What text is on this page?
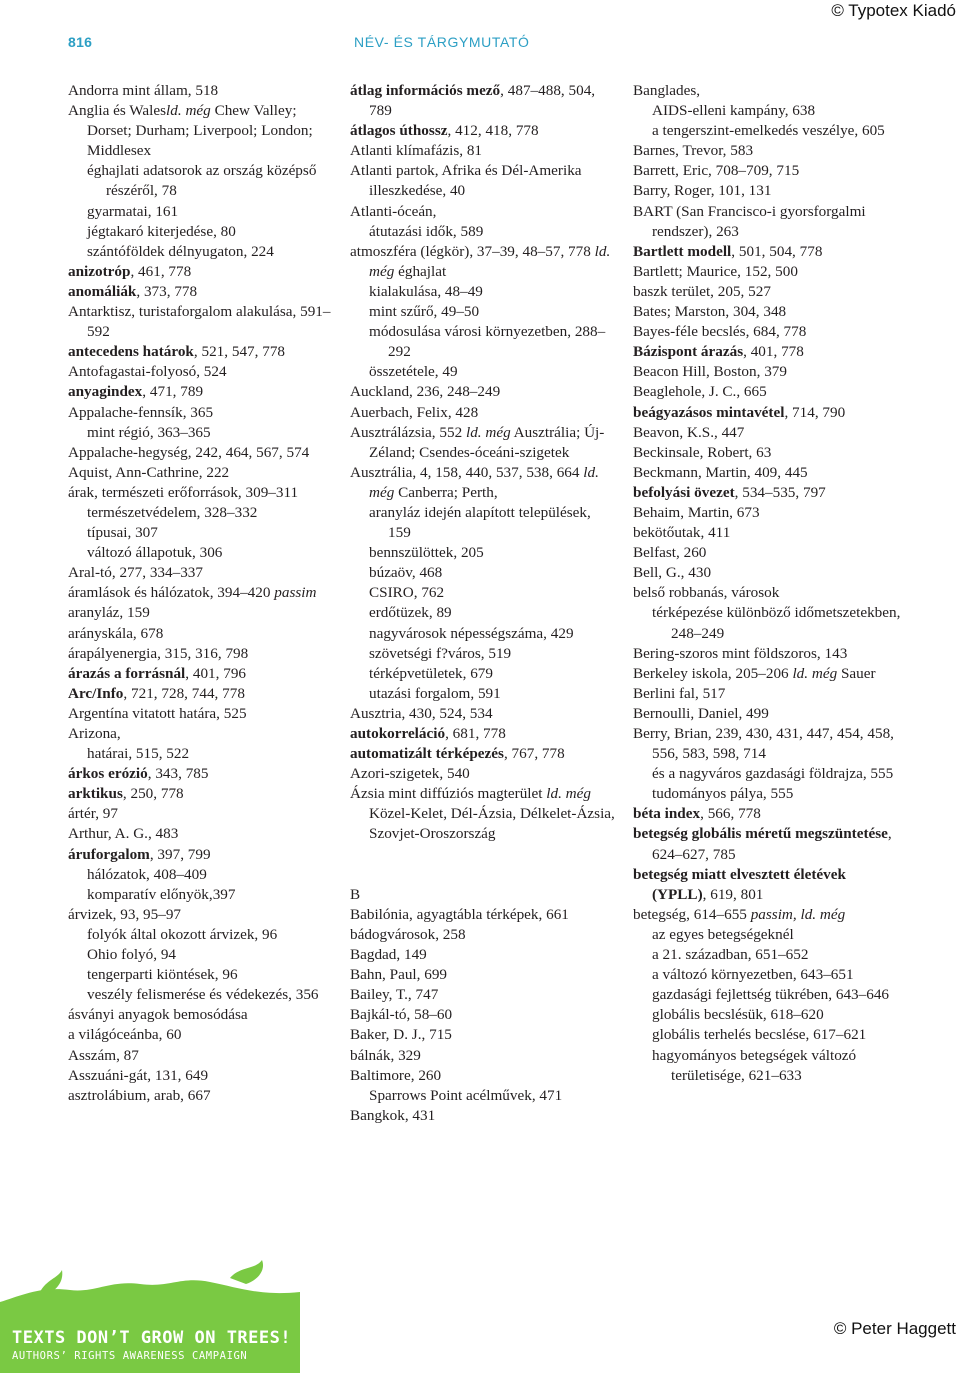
© Typotex Kiadó
816	NÉV- ÉS TÁRGYMUTATÓ

Andorra mint állam, 518

Anglia és Walesld. még Chew Valley; Dorset; Durham; Liverpool; London; Middlesex

éghajlati adatsorok az ország középső részéről, 78

gyarmatai, 161

jégtakaró kiterjedése, 80

szántóföldek délnyugaton, 224

anizotróp, 461, 778

anomáliák, 373, 778

Antarktisz, turistaforgalom alakulása, 591–592

antecedens határok, 521, 547, 778

Antofagastai-folyosó, 524

anyagindex, 471, 789

Appalache-fennsík, 365

mint régió, 363–365

Appalache-hegység, 242, 464, 567, 574

Aquist, Ann-Cathrine, 222

árak, természeti erőforrások, 309–311

természetvédelem, 328–332

típusai, 307

változó állapotuk, 306

Aral-tó, 277, 334–337

áramlások és hálózatok, 394–420 passim

aranyláz, 159

arányskála, 678

árapályenergia, 315, 316, 798

árazás a forrásnál, 401, 796

Arc/Info, 721, 728, 744, 778

Argentína vitatott határa, 525

Arizona,

határai, 515, 522

árkos erózió, 343, 785

arktikus, 250, 778

ártér, 97

Arthur, A. G., 483

áruforgalom, 397, 799

hálózatok, 408–409

komparatív előnyök,397

árvizek, 93, 95–97

folyók által okozott árvizek, 96

Ohio folyó, 94

tengerparti kiöntések, 96

veszély felismerése és védekezés, 356

ásványi anyagok bemosódása

a világóceánba, 60

Asszám, 87

Asszuáni-gát, 131, 649

asztrolábium, arab, 667

átlag információs mező, 487–488, 504, 789

átlagos úthossz, 412, 418, 778

Atlanti klímafázis, 81

Atlanti partok, Afrika és Dél-Amerika illeszkedése, 40

Atlanti-óceán,

átutazási idők, 589

atmoszféra (légkör), 37–39, 48–57, 778 ld. még éghajlat

kialakulása, 48–49

mint szűrő, 49–50

módosulása városi környezetben, 288–292

összetétele, 49

Auckland, 236, 248–249

Auerbach, Felix, 428

Ausztrálázsia, 552 ld. még Ausztrália; Új-Zéland; Csendes-óceáni-szigetek

Ausztrália, 4, 158, 440, 537, 538, 664 ld. még Canberra; Perth,

aranyláz idején alapított települések, 159

bennszülöttek, 205

búzaöv, 468

CSIRO, 762

erdőtüzek, 89

nagyvárosok népességszáma, 429

szövetségi f?város, 519

térképvetületek, 679

utazási forgalom, 591

Ausztria, 430, 524, 534

autokorreláció, 681, 778

automatizált térképezés, 767, 778

Azori-szigetek, 540

Ázsia mint diffúziós magterület ld. még Közel-Kelet, Dél-Ázsia, Délkelet-Ázsia, Szovjet-Oroszország

B

Babilónia, agyagtábla térképek, 661

bádogvárosok, 258

Bagdad, 149

Bahn, Paul, 699

Bailey, T., 747

Bajkál-tó, 58–60

Baker, D. J., 715

bálnák, 329

Baltimore, 260

Sparrows Point acélművek, 471

Bangkok, 431

Banglades,

AIDS-elleni kampány, 638

a tengerszint-emelkedés veszélye, 605

Barnes, Trevor, 583

Barrett, Eric, 708–709, 715

Barry, Roger, 101, 131

BART (San Francisco-i gyorsforgalmi rendszer), 263

Bartlett modell, 501, 504, 778

Bartlett; Maurice, 152, 500

baszk terület, 205, 527

Bates; Marston, 304, 348

Bayes-féle becslés, 684, 778

Bázispont árazás, 401, 778

Beacon Hill, Boston, 379

Beaglehole, J. C., 665

beágyazásos mintavétel, 714, 790

Beavon, K.S., 447

Beckinsale, Robert, 63

Beckmann, Martin, 409, 445

befolyási övezet, 534–535, 797

Behaim, Martin, 673

bekötőutak, 411

Belfast, 260

Bell, G., 430

belső robbanás, városok

térképezése különböző időmetszetekben, 248–249

Bering-szoros mint földszoros, 143

Berkeley iskola, 205–206 ld. még Sauer

Berlini fal, 517

Bernoulli, Daniel, 499

Berry, Brian, 239, 430, 431, 447, 454, 458, 556, 583, 598, 714

és a nagyváros gazdasági földrajza, 555

tudományos pálya, 555

béta index, 566, 778

betegség globális méretű megszüntetése, 624–627, 785

betegség miatt elvesztett életévek (YPLL), 619, 801

betegség, 614–655 passim, ld. még

az egyes betegségeknél

a 21. században, 651–652

a változó környezetben, 643–651

gazdasági fejlettség tükrében, 643–646

globális becslésük, 618–620

globális terhelés becslése, 617–621

hagyományos betegségek változó területisége, 621–633

TEXTS DON’T GROW ON TREES!
AUTHORS’ RIGHTS AWARENESS CAMPAIGN
© Peter Haggett
